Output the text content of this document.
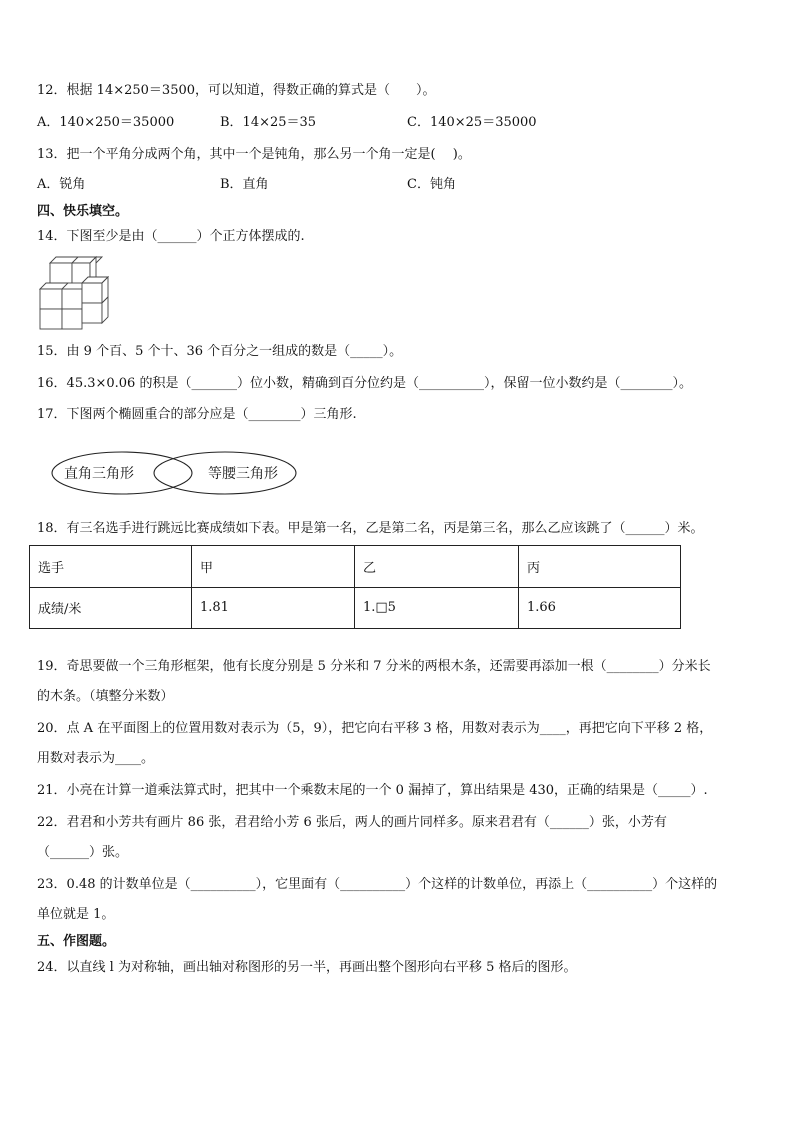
12．根据 14×250＝3500，可以知道，得数正确的算式是（　　）。
A．140×250＝35000	B．14×25＝35	C．140×25＝35000
13．把一个平角分成两个角，其中一个是钝角，那么另一个角一定是(　 )。
A．锐角	B．直角	C．钝角
四、快乐填空。
14．下图至少是由（______）个正方体摆成的.
15．由 9 个百、5 个十、36 个百分之一组成的数是（_____）。
16．45.3×0.06 的积是（_______）位小数，精确到百分位约是（__________），保留一位小数约是（________）。
17．下图两个椭圆重合的部分应是（________）三角形.
直角三角形	等腰三角形
18．有三名选手进行跳远比赛成绩如下表。甲是第一名，乙是第二名，丙是第三名，那么乙应该跳了（______）米。
选手	甲	乙	丙
成绩/米	1.81	1.□5	1.66
19．奇思要做一个三角形框架，他有长度分别是 5 分米和 7 分米的两根木条，还需要再添加一根（________）分米长
的木条。（填整分米数）
20．点 A 在平面图上的位置用数对表示为（5，9），把它向右平移 3 格，用数对表示为____，再把它向下平移 2 格，
用数对表示为____。
21．小亮在计算一道乘法算式时，把其中一个乘数末尾的一个 0 漏掉了，算出结果是 430，正确的结果是（_____）.
22．君君和小芳共有画片 86 张，君君给小芳 6 张后，两人的画片同样多。原来君君有（______）张，小芳有
（______）张。
23．0.48 的计数单位是（__________），它里面有（__________）个这样的计数单位，再添上（__________）个这样的
单位就是 1。
五、作图题。
24．以直线 l 为对称轴，画出轴对称图形的另一半，再画出整个图形向右平移 5 格后的图形。
